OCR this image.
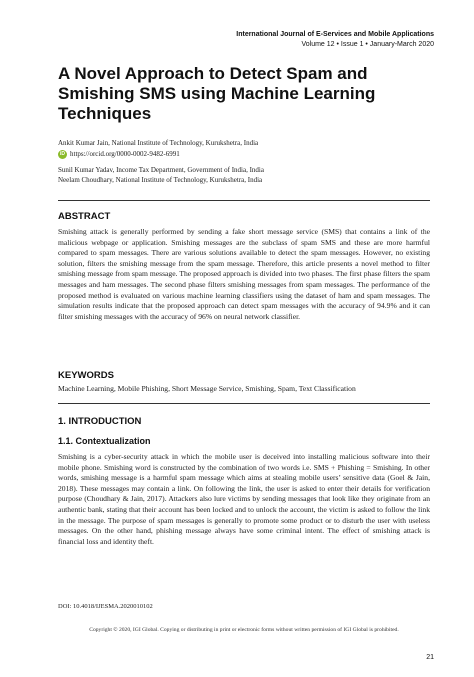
International Journal of E-Services and Mobile Applications
Volume 12 • Issue 1 • January-March 2020
A Novel Approach to Detect Spam and Smishing SMS using Machine Learning Techniques
Ankit Kumar Jain, National Institute of Technology, Kurukshetra, India
iD https://orcid.org/0000-0002-9482-6991
Sunil Kumar Yadav, Income Tax Department, Government of India, India
Neelam Choudhary, National Institute of Technology, Kurukshetra, India
ABSTRACT

Smishing attack is generally performed by sending a fake short message service (SMS) that contains a link of the malicious webpage or application. Smishing messages are the subclass of spam SMS and these are more harmful compared to spam messages. There are various solutions available to detect the spam messages. However, no existing solution, filters the smishing message from the spam message. Therefore, this article presents a novel method to filter smishing message from spam message. The proposed approach is divided into two phases. The first phase filters the spam messages and ham messages. The second phase filters smishing messages from spam messages. The performance of the proposed method is evaluated on various machine learning classifiers using the dataset of ham and spam messages. The simulation results indicate that the proposed approach can detect spam messages with the accuracy of 94.9% and it can filter smishing messages with the accuracy of 96% on neural network classifier.

KEYWORDS

Machine Learning, Mobile Phishing, Short Message Service, Smishing, Spam, Text Classification

1. INTRODUCTION
1.1. Contextualization

Smishing is a cyber-security attack in which the mobile user is deceived into installing malicious software into their mobile phone. Smishing word is constructed by the combination of two words i.e. SMS + Phishing = Smishing. In other words, smishing message is a harmful spam message which aims at stealing mobile users’ sensitive data (Goel & Jain, 2018). These messages may contain a link. On following the link, the user is asked to enter their details for verification purpose (Choudhary & Jain, 2017). Attackers also lure victims by sending messages that look like they originate from an authentic bank, stating that their account has been locked and to unlock the account, the victim is asked to follow the link in the message. The purpose of spam messages is generally to promote some product or to disturb the user with useless messages. On the other hand, phishing message always have some criminal intent. The effect of smishing attack is financial loss and identity theft.

DOI: 10.4018/IJESMA.2020010102
Copyright © 2020, IGI Global. Copying or distributing in print or electronic forms without written permission of IGI Global is prohibited.
21
